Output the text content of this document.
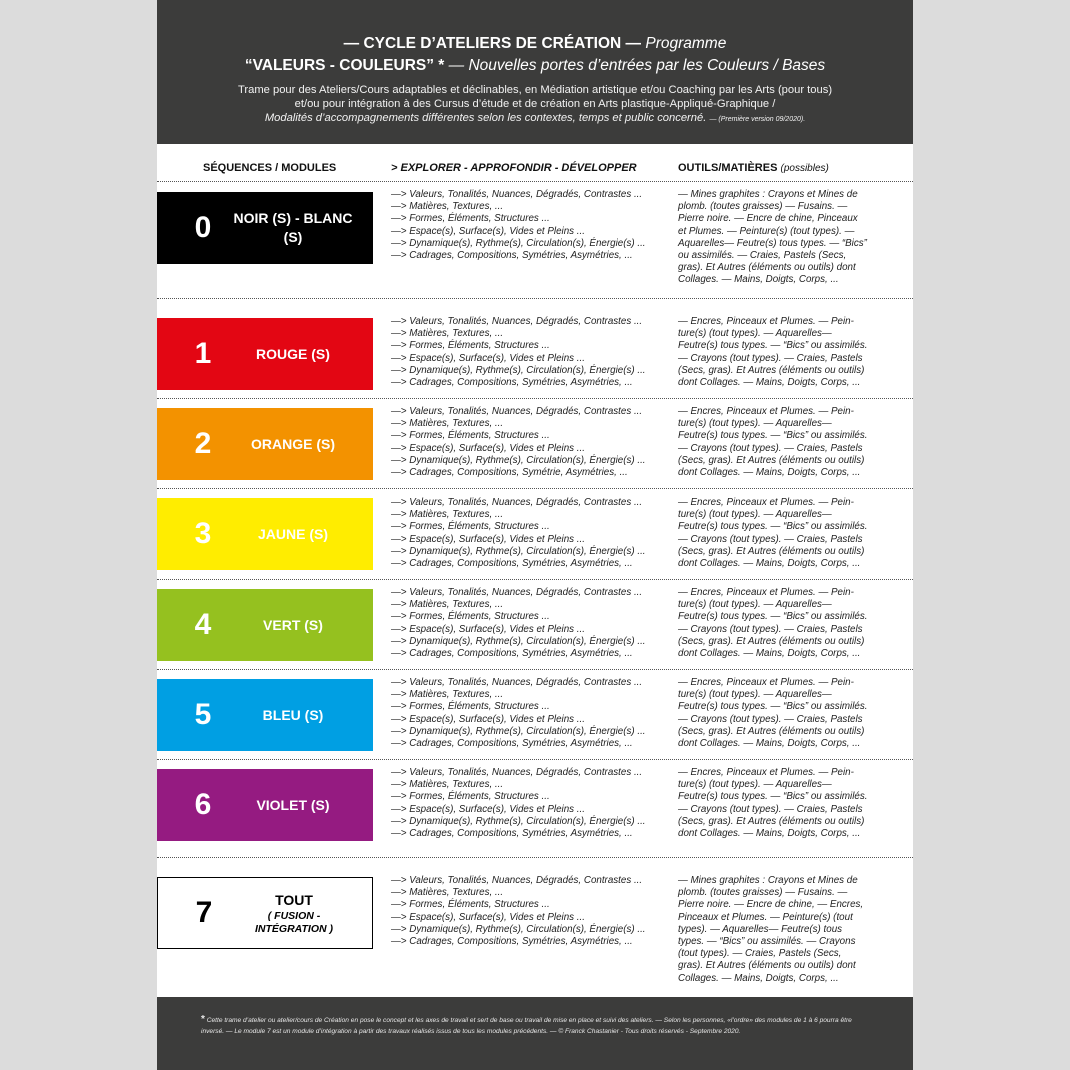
— CYCLE D’ATELIERS DE CRÉATION — Programme
“VALEURS - COULEURS” * — Nouvelles portes d’entrées par les Couleurs / Bases
Trame pour des Ateliers/Cours adaptables et déclinables, en Médiation artistique et/ou Coaching par les Arts (pour tous)
et/ou pour intégration à des Cursus d’étude et de création en Arts plastique-Appliqué-Graphique /
Modalités d’accompagnements différentes selon les contextes, temps et public concerné. — (Première version 09/2020).
SÉQUENCES / MODULES	> EXPLORER - APPROFONDIR - DÉVELOPPER	OUTILS/MATIÈRES (possibles)
0	NOIR (S) - BLANC (S)
—> Valeurs, Tonalités, Nuances, Dégradés, Contrastes ...
—> Matières, Textures, ...
—> Formes, Éléments, Structures ...
—> Espace(s), Surface(s), Vides et Pleins ...
—> Dynamique(s), Rythme(s), Circulation(s), Énergie(s) ...
—> Cadrages, Compositions, Symétries, Asymétries, ...
— Mines graphites : Crayons et Mines de
plomb. (toutes graisses) — Fusains. —
Pierre noire. — Encre de chine, Pinceaux
et Plumes. — Peinture(s) (tout types). —
Aquarelles— Feutre(s) tous types. — “Bics”
ou assimilés. — Craies, Pastels (Secs,
gras). Et Autres (éléments ou outils) dont
Collages. — Mains, Doigts, Corps, ...
1	ROUGE (S)
—> Valeurs, Tonalités, Nuances, Dégradés, Contrastes ...
—> Matières, Textures, ...
—> Formes, Éléments, Structures ...
—> Espace(s), Surface(s), Vides et Pleins ...
—> Dynamique(s), Rythme(s), Circulation(s), Énergie(s) ...
—> Cadrages, Compositions, Symétries, Asymétries, ...
— Encres, Pinceaux et Plumes. — Pein-
ture(s) (tout types). — Aquarelles—
Feutre(s) tous types. — “Bics” ou assimilés.
— Crayons (tout types). — Craies, Pastels
(Secs, gras). Et Autres (éléments ou outils)
dont Collages. — Mains, Doigts, Corps, ...
2	ORANGE (S)
—> Valeurs, Tonalités, Nuances, Dégradés, Contrastes ...
—> Matières, Textures, ...
—> Formes, Éléments, Structures ...
—> Espace(s), Surface(s), Vides et Pleins ...
—> Dynamique(s), Rythme(s), Circulation(s), Énergie(s) ...
—> Cadrages, Compositions, Symétrie, Asymétries, ...
— Encres, Pinceaux et Plumes. — Pein-
ture(s) (tout types). — Aquarelles—
Feutre(s) tous types. — “Bics” ou assimilés.
— Crayons (tout types). — Craies, Pastels
(Secs, gras). Et Autres (éléments ou outils)
dont Collages. — Mains, Doigts, Corps, ...
3	JAUNE (S)
—> Valeurs, Tonalités, Nuances, Dégradés, Contrastes ...
—> Matières, Textures, ...
—> Formes, Éléments, Structures ...
—> Espace(s), Surface(s), Vides et Pleins ...
—> Dynamique(s), Rythme(s), Circulation(s), Énergie(s) ...
—> Cadrages, Compositions, Symétries, Asymétries, ...
— Encres, Pinceaux et Plumes. — Pein-
ture(s) (tout types). — Aquarelles—
Feutre(s) tous types. — “Bics” ou assimilés.
— Crayons (tout types). — Craies, Pastels
(Secs, gras). Et Autres (éléments ou outils)
dont Collages. — Mains, Doigts, Corps, ...
4	VERT (S)
—> Valeurs, Tonalités, Nuances, Dégradés, Contrastes ...
—> Matières, Textures, ...
—> Formes, Éléments, Structures ...
—> Espace(s), Surface(s), Vides et Pleins ...
—> Dynamique(s), Rythme(s), Circulation(s), Énergie(s) ...
—> Cadrages, Compositions, Symétries, Asymétries, ...
— Encres, Pinceaux et Plumes. — Pein-
ture(s) (tout types). — Aquarelles—
Feutre(s) tous types. — “Bics” ou assimilés.
— Crayons (tout types). — Craies, Pastels
(Secs, gras). Et Autres (éléments ou outils)
dont Collages. — Mains, Doigts, Corps, ...
5	BLEU (S)
—> Valeurs, Tonalités, Nuances, Dégradés, Contrastes ...
—> Matières, Textures, ...
—> Formes, Éléments, Structures ...
—> Espace(s), Surface(s), Vides et Pleins ...
—> Dynamique(s), Rythme(s), Circulation(s), Énergie(s) ...
—> Cadrages, Compositions, Symétries, Asymétries, ...
— Encres, Pinceaux et Plumes. — Pein-
ture(s) (tout types). — Aquarelles—
Feutre(s) tous types. — “Bics” ou assimilés.
— Crayons (tout types). — Craies, Pastels
(Secs, gras). Et Autres (éléments ou outils)
dont Collages. — Mains, Doigts, Corps, ...
6	VIOLET (S)
—> Valeurs, Tonalités, Nuances, Dégradés, Contrastes ...
—> Matières, Textures, ...
—> Formes, Éléments, Structures ...
—> Espace(s), Surface(s), Vides et Pleins ...
—> Dynamique(s), Rythme(s), Circulation(s), Énergie(s) ...
—> Cadrages, Compositions, Symétries, Asymétries, ...
— Encres, Pinceaux et Plumes. — Pein-
ture(s) (tout types). — Aquarelles—
Feutre(s) tous types. — “Bics” ou assimilés.
— Crayons (tout types). — Craies, Pastels
(Secs, gras). Et Autres (éléments ou outils)
dont Collages. — Mains, Doigts, Corps, ...
7	TOUT
( FUSION - INTÉGRATION )
—> Valeurs, Tonalités, Nuances, Dégradés, Contrastes ...
—> Matières, Textures, ...
—> Formes, Éléments, Structures ...
—> Espace(s), Surface(s), Vides et Pleins ...
—> Dynamique(s), Rythme(s), Circulation(s), Énergie(s) ...
—> Cadrages, Compositions, Symétries, Asymétries, ...
— Mines graphites : Crayons et Mines de
plomb. (toutes graisses) — Fusains. —
Pierre noire. — Encre de chine, — Encres,
Pinceaux et Plumes. — Peinture(s) (tout
types). — Aquarelles— Feutre(s) tous
types. — “Bics” ou assimilés. — Crayons
(tout types). — Craies, Pastels (Secs,
gras). Et Autres (éléments ou outils) dont
Collages. — Mains, Doigts, Corps, ...
* Cette trame d’atelier ou atelier/cours de Création en pose le concept et les axes de travail et sert de base ou travail de mise en place et suivi des ateliers. — Selon les personnes, «l’ordre» des modules de 1 à 6 pourra être inversé. — Le module 7 est un module d’intégration à partir des travaux réalisés issus de tous les modules précédents. — © Franck Chastanier - Tous droits réservés - Septembre 2020.
